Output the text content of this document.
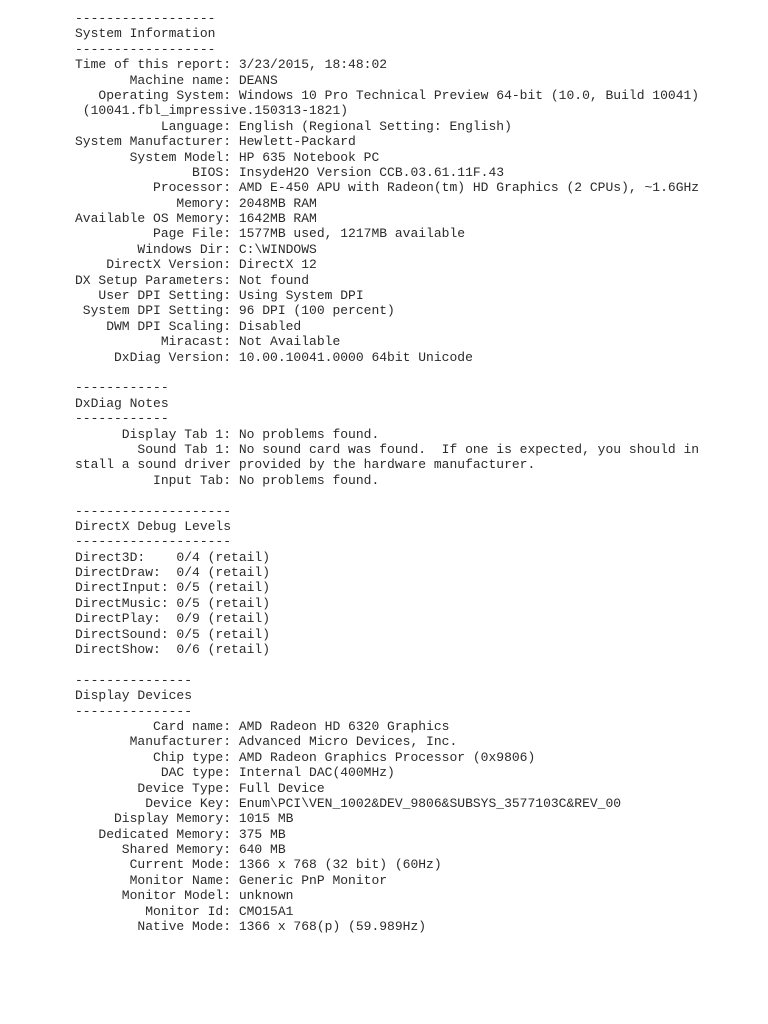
------------------
System Information
------------------
Time of this report: 3/23/2015, 18:48:02
Machine name: DEANS
Operating System: Windows 10 Pro Technical Preview 64-bit (10.0, Build 10041)
(10041.fbl_impressive.150313-1821)
Language: English (Regional Setting: English)
System Manufacturer: Hewlett-Packard
System Model: HP 635 Notebook PC
BIOS: InsydeH2O Version CCB.03.61.11F.43
Processor: AMD E-450 APU with Radeon(tm) HD Graphics (2 CPUs), ~1.6GHz
Memory: 2048MB RAM
Available OS Memory: 1642MB RAM
Page File: 1577MB used, 1217MB available
Windows Dir: C:\WINDOWS
DirectX Version: DirectX 12
DX Setup Parameters: Not found
User DPI Setting: Using System DPI
System DPI Setting: 96 DPI (100 percent)
DWM DPI Scaling: Disabled
Miracast: Not Available
DxDiag Version: 10.00.10041.0000 64bit Unicode
------------
DxDiag Notes
------------
Display Tab 1: No problems found.
Sound Tab 1: No sound card was found.  If one is expected, you should in
stall a sound driver provided by the hardware manufacturer.
Input Tab: No problems found.
--------------------
DirectX Debug Levels
--------------------
Direct3D:    0/4 (retail)
DirectDraw:  0/4 (retail)
DirectInput: 0/5 (retail)
DirectMusic: 0/5 (retail)
DirectPlay:  0/9 (retail)
DirectSound: 0/5 (retail)
DirectShow:  0/6 (retail)
---------------
Display Devices
---------------
Card name: AMD Radeon HD 6320 Graphics
Manufacturer: Advanced Micro Devices, Inc.
Chip type: AMD Radeon Graphics Processor (0x9806)
DAC type: Internal DAC(400MHz)
Device Type: Full Device
Device Key: Enum\PCI\VEN_1002&DEV_9806&SUBSYS_3577103C&REV_00
Display Memory: 1015 MB
Dedicated Memory: 375 MB
Shared Memory: 640 MB
Current Mode: 1366 x 768 (32 bit) (60Hz)
Monitor Name: Generic PnP Monitor
Monitor Model: unknown
Monitor Id: CMO15A1
Native Mode: 1366 x 768(p) (59.989Hz)
